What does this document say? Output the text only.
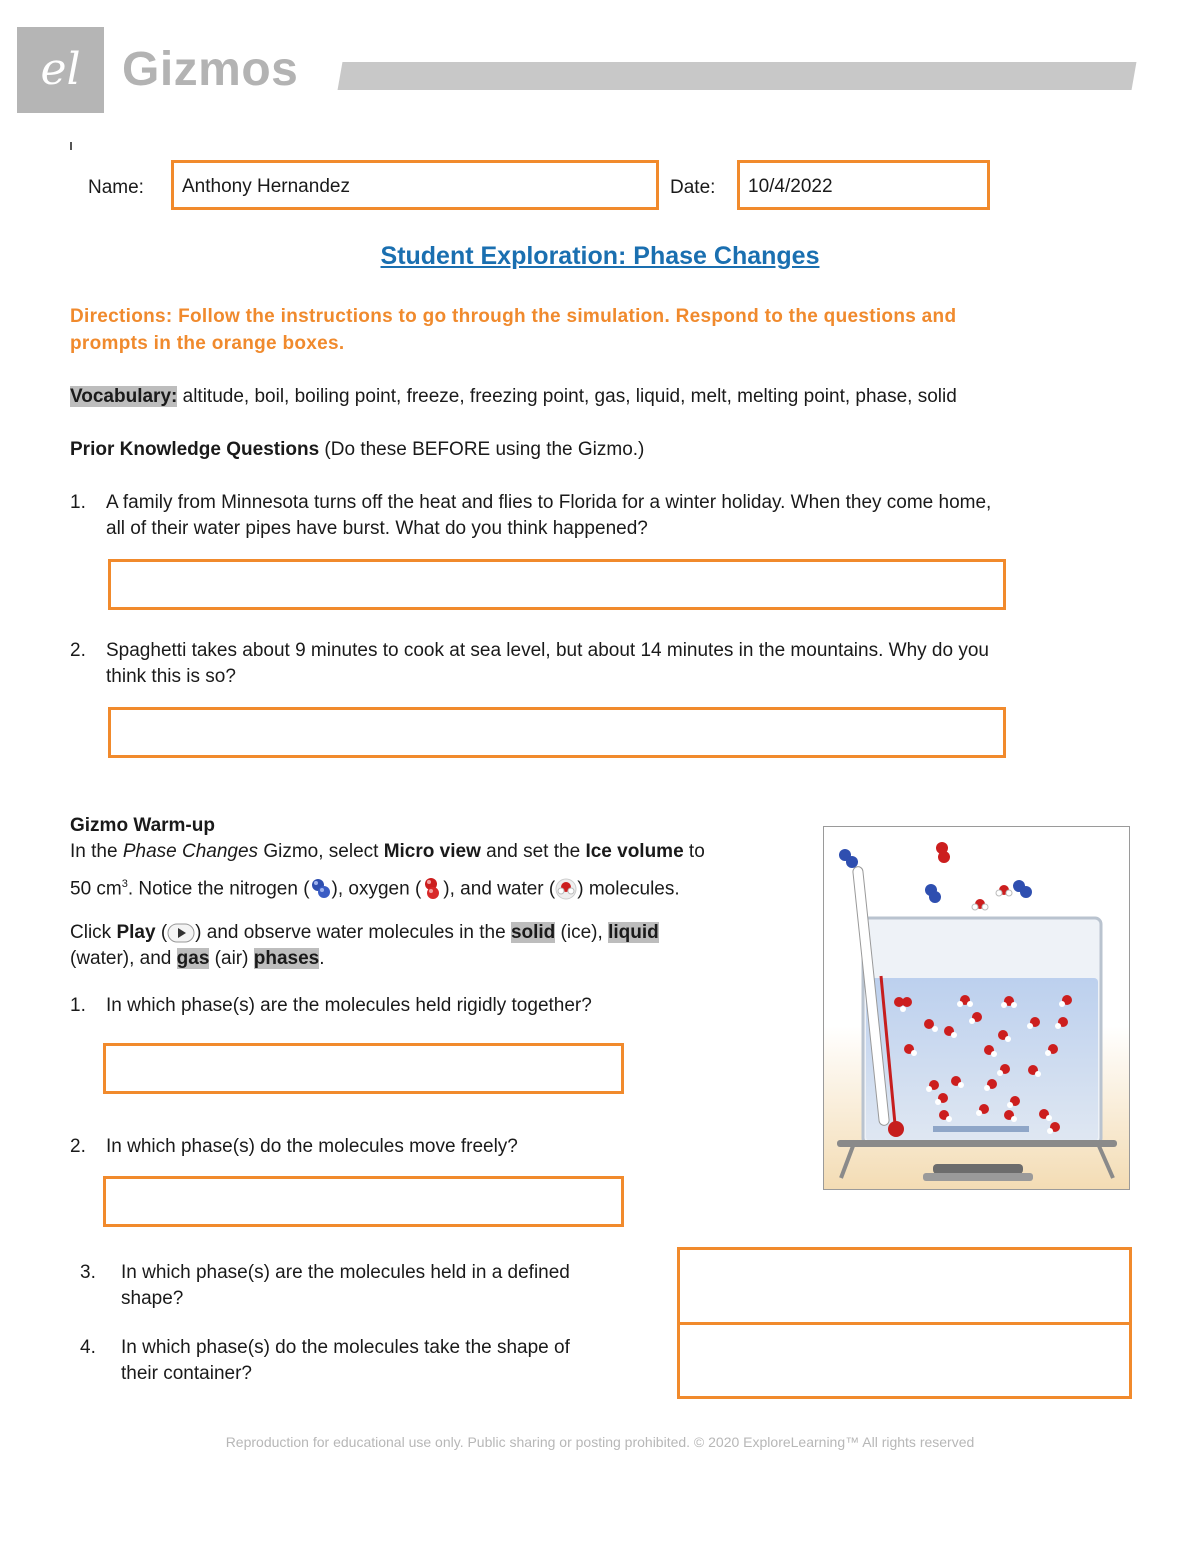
el Gizmos
Name:	Anthony Hernandez	Date:	10/4/2022
Student Exploration: Phase Changes
Directions: Follow the instructions to go through the simulation. Respond to the questions and
prompts in the orange boxes.
Vocabulary: altitude, boil, boiling point, freeze, freezing point, gas, liquid, melt, melting point, phase, solid
Prior Knowledge Questions (Do these BEFORE using the Gizmo.)
1.	A family from Minnesota turns off the heat and flies to Florida for a winter holiday. When they come home,
all of their water pipes have burst. What do you think happened?
2.	Spaghetti takes about 9 minutes to cook at sea level, but about 14 minutes in the mountains. Why do you
think this is so?
Gizmo Warm-up
In the Phase Changes Gizmo, select Micro view and set the Ice volume to
50 $cm^3$. Notice the nitrogen ( ), oxygen ( ), and water ( ) molecules.
Click Play ( ) and observe water molecules in the solid (ice), liquid
(water), and gas (air) phases.
1.	In which phase(s) are the molecules held rigidly together?
2.	In which phase(s) do the molecules move freely?
3.	In which phase(s) are the molecules held in a defined
shape?
4.	In which phase(s) do the molecules take the shape of
their container?
Reproduction for educational use only. Public sharing or posting prohibited. © 2020 ExploreLearning™ All rights reserved
